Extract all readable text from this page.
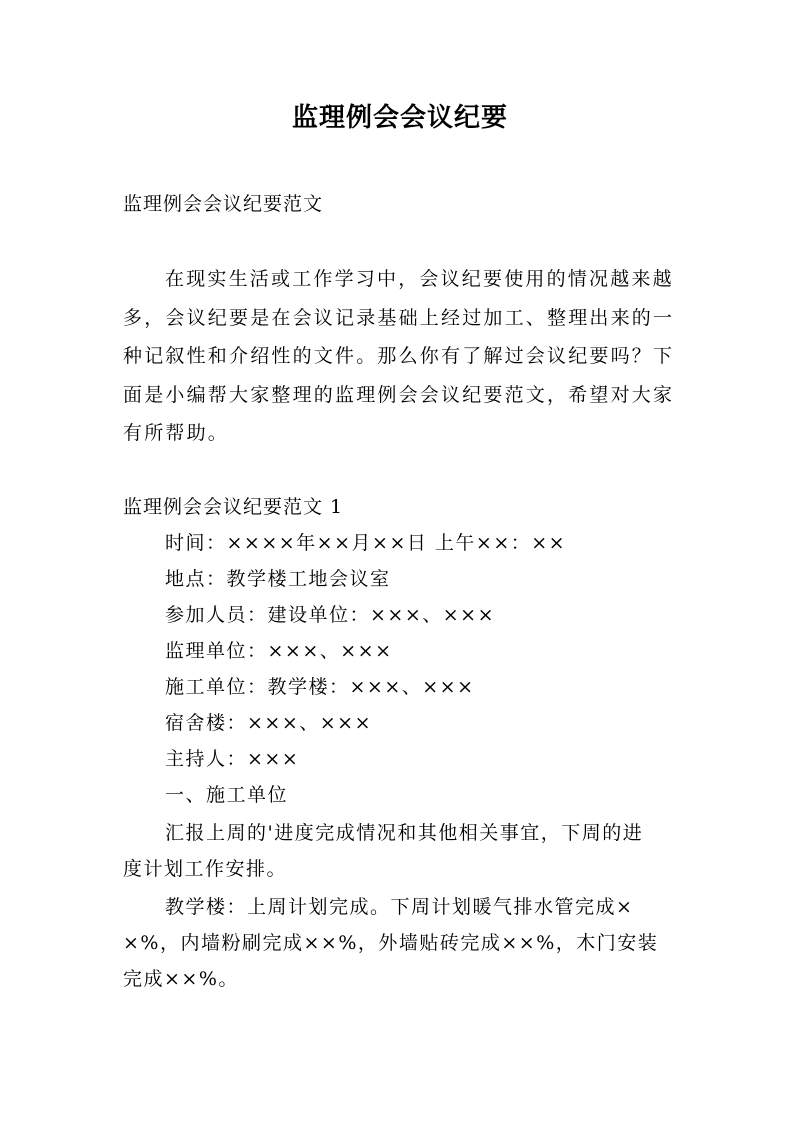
监理例会会议纪要
监理例会会议纪要范文
在现实生活或工作学习中，会议纪要使用的情况越来越
多，会议纪要是在会议记录基础上经过加工、整理出来的一
种记叙性和介绍性的文件。那么你有了解过会议纪要吗？下
面是小编帮大家整理的监理例会会议纪要范文，希望对大家
有所帮助。
监理例会会议纪要范文 1
时间：××××年××月××日 上午××：××
地点：教学楼工地会议室
参加人员：建设单位：×××、×××
监理单位：×××、×××
施工单位：教学楼：×××、×××
宿舍楼：×××、×××
主持人：×××
一、施工单位
汇报上周的'进度完成情况和其他相关事宜，下周的进
度计划工作安排。
教学楼：上周计划完成。下周计划暖气排水管完成×
×%，内墙粉刷完成××%，外墙贴砖完成××%，木门安装
完成××%。
